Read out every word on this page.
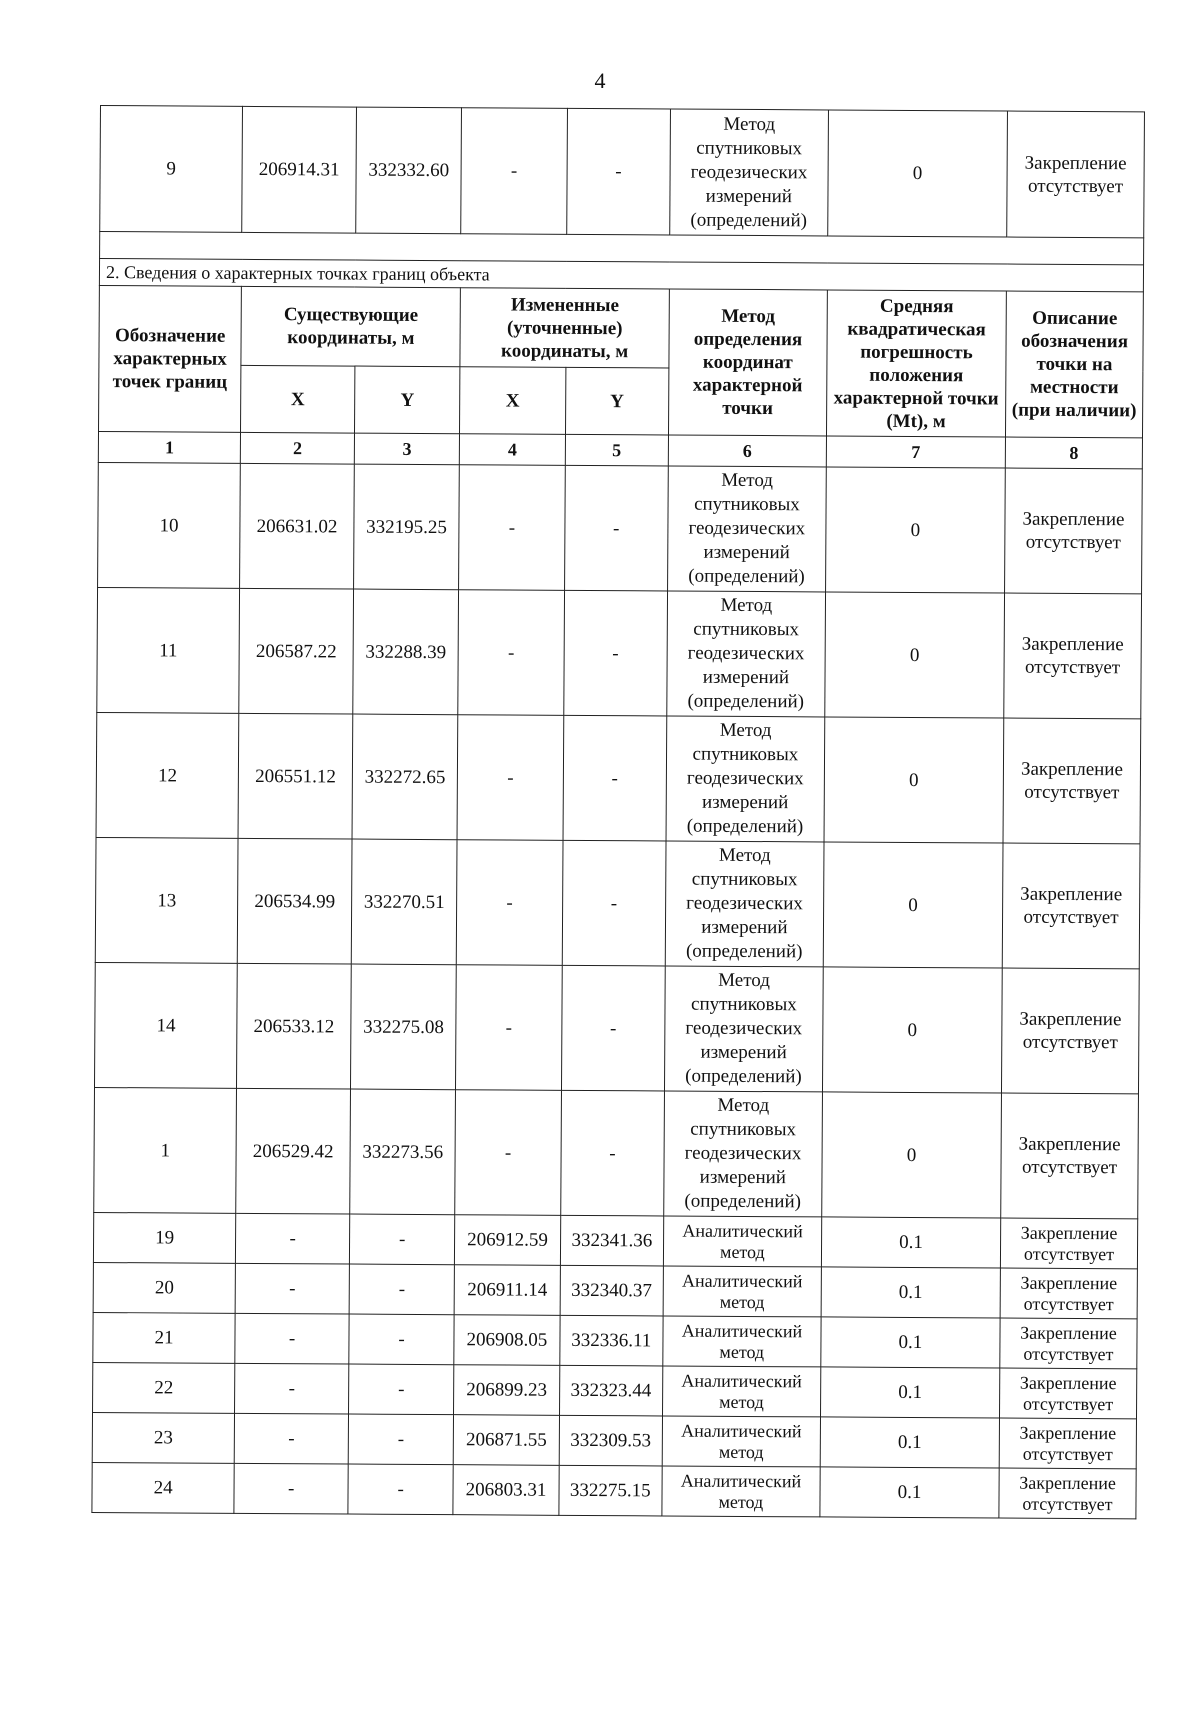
4
9	206914.31	332332.60	-	-	Метод спутниковых геодезических измерений (определений)	0	Закрепление отсутствует

2. Сведения о характерных точках границ объекта							
Обозначение характерных точек границ	Существующие координаты, м		Измененные (уточненные) координаты, м		Метод определения координат характерной точки	Средняя квадратическая погрешность положения характерной точки (Mt), м	Описание обозначения точки на местности (при наличии)
	X	Y	X	Y			
1	2	3	4	5	6	7	8
10	206631.02	332195.25	-	-	Метод спутниковых геодезических измерений (определений)	0	Закрепление отсутствует
11	206587.22	332288.39	-	-	Метод спутниковых геодезических измерений (определений)	0	Закрепление отсутствует
12	206551.12	332272.65	-	-	Метод спутниковых геодезических измерений (определений)	0	Закрепление отсутствует
13	206534.99	332270.51	-	-	Метод спутниковых геодезических измерений (определений)	0	Закрепление отсутствует
14	206533.12	332275.08	-	-	Метод спутниковых геодезических измерений (определений)	0	Закрепление отсутствует
1	206529.42	332273.56	-	-	Метод спутниковых геодезических измерений (определений)	0	Закрепление отсутствует
19	-	-	206912.59	332341.36	Аналитический метод	0.1	Закрепление отсутствует
20	-	-	206911.14	332340.37	Аналитический метод	0.1	Закрепление отсутствует
21	-	-	206908.05	332336.11	Аналитический метод	0.1	Закрепление отсутствует
22	-	-	206899.23	332323.44	Аналитический метод	0.1	Закрепление отсутствует
23	-	-	206871.55	332309.53	Аналитический метод	0.1	Закрепление отсутствует
24	-	-	206803.31	332275.15	Аналитический метод	0.1	Закрепление отсутствует
